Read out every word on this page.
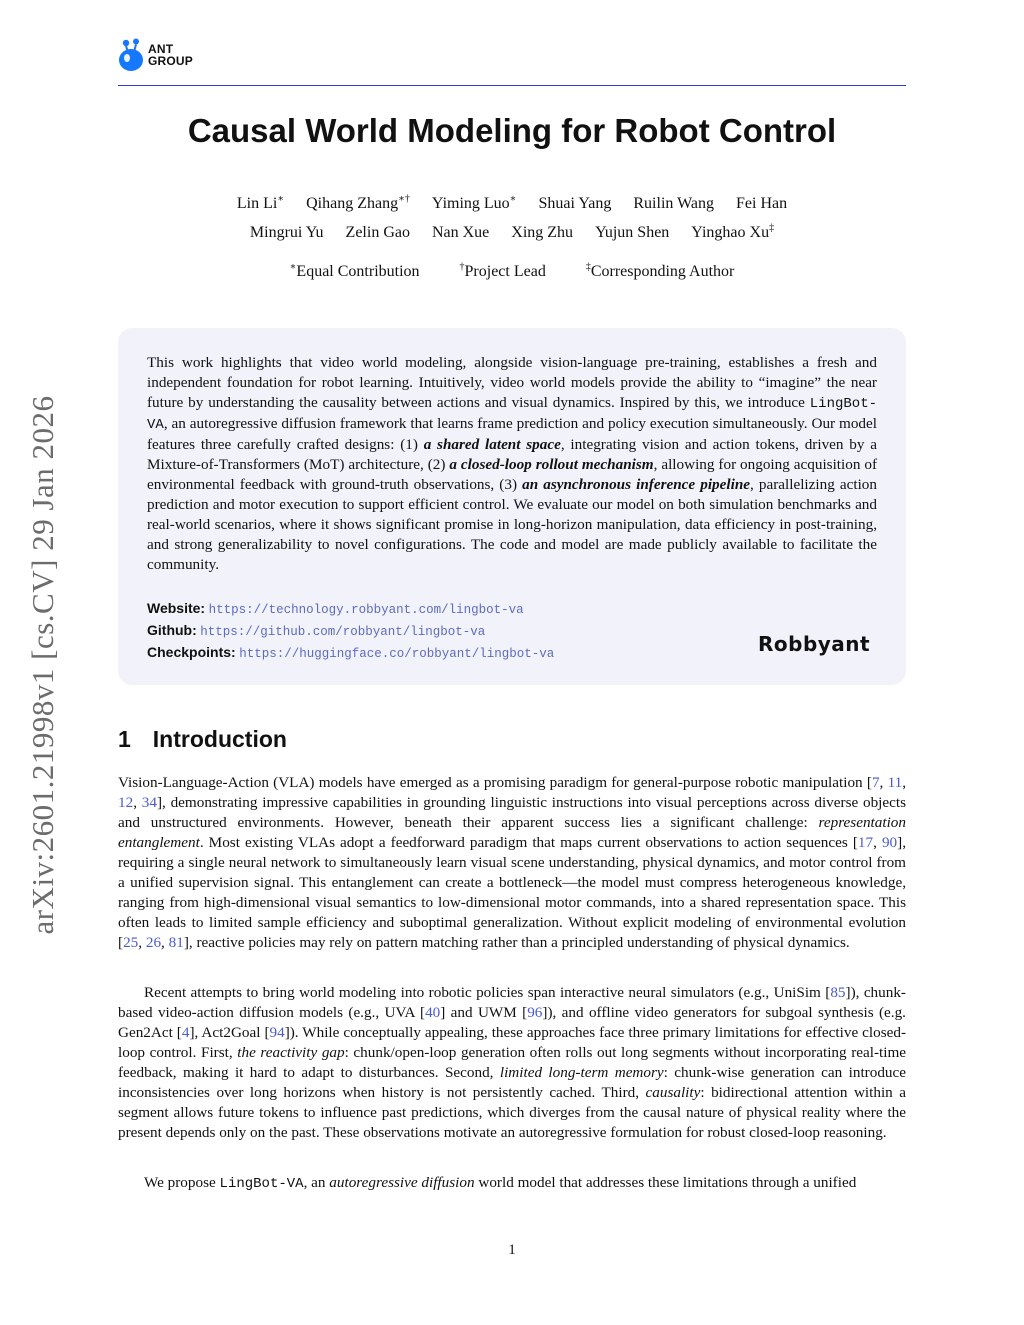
ANT
GROUP
arXiv:2601.21998v1 [cs.CV] 29 Jan 2026
Causal World Modeling for Robot Control
Lin Li∗ Qihang Zhang∗† Yiming Luo∗ Shuai Yang Ruilin Wang Fei Han
Mingrui Yu Zelin Gao Nan Xue Xing Zhu Yujun Shen Yinghao Xu‡
∗Equal Contribution	†Project Lead	‡Corresponding Author
This work highlights that video world modeling, alongside vision-language pre-training, establishes a fresh and independent foundation for robot learning. Intuitively, video world models provide the ability to “imagine” the near future by understanding the causality between actions and visual dynamics. Inspired by this, we introduce LingBot-VA, an autoregressive diffusion framework that learns frame prediction and policy execution simultaneously. Our model features three carefully crafted designs: (1) a shared latent space, integrating vision and action tokens, driven by a Mixture-of-Transformers (MoT) architecture, (2) a closed-loop rollout mechanism, allowing for ongoing acquisition of environmental feedback with ground-truth observations, (3) an asynchronous inference pipeline, parallelizing action prediction and motor execution to support efficient control. We evaluate our model on both simulation benchmarks and real-world scenarios, where it shows significant promise in long-horizon manipulation, data efficiency in post-training, and strong generalizability to novel configurations. The code and model are made publicly available to facilitate the community.
Website: https://technology.robbyant.com/lingbot-va
Github: https://github.com/robbyant/lingbot-va
Checkpoints: https://huggingface.co/robbyant/lingbot-va	Robbyant
1 Introduction

Vision-Language-Action (VLA) models have emerged as a promising paradigm for general-purpose robotic manipulation [7, 11, 12, 34], demonstrating impressive capabilities in grounding linguistic instructions into visual perceptions across diverse objects and unstructured environments. However, beneath their apparent success lies a significant challenge: representation entanglement. Most existing VLAs adopt a feedforward paradigm that maps current observations to action sequences [17, 90], requiring a single neural network to simultaneously learn visual scene understanding, physical dynamics, and motor control from a unified supervision signal. This entanglement can create a bottleneck—the model must compress heterogeneous knowledge, ranging from high-dimensional visual semantics to low-dimensional motor commands, into a shared representation space. This often leads to limited sample efficiency and suboptimal generalization. Without explicit modeling of environmental evolution [25, 26, 81], reactive policies may rely on pattern matching rather than a principled understanding of physical dynamics.

Recent attempts to bring world modeling into robotic policies span interactive neural simulators (e.g., UniSim [85]), chunk-based video-action diffusion models (e.g., UVA [40] and UWM [96]), and offline video generators for subgoal synthesis (e.g. Gen2Act [4], Act2Goal [94]). While conceptually appealing, these approaches face three primary limitations for effective closed-loop control. First, the reactivity gap: chunk/open-loop generation often rolls out long segments without incorporating real-time feedback, making it hard to adapt to disturbances. Second, limited long-term memory: chunk-wise generation can introduce inconsistencies over long horizons when history is not persistently cached. Third, causality: bidirectional attention within a segment allows future tokens to influence past predictions, which diverges from the causal nature of physical reality where the present depends only on the past. These observations motivate an autoregressive formulation for robust closed-loop reasoning.

We propose LingBot-VA, an autoregressive diffusion world model that addresses these limitations through a unified

1
